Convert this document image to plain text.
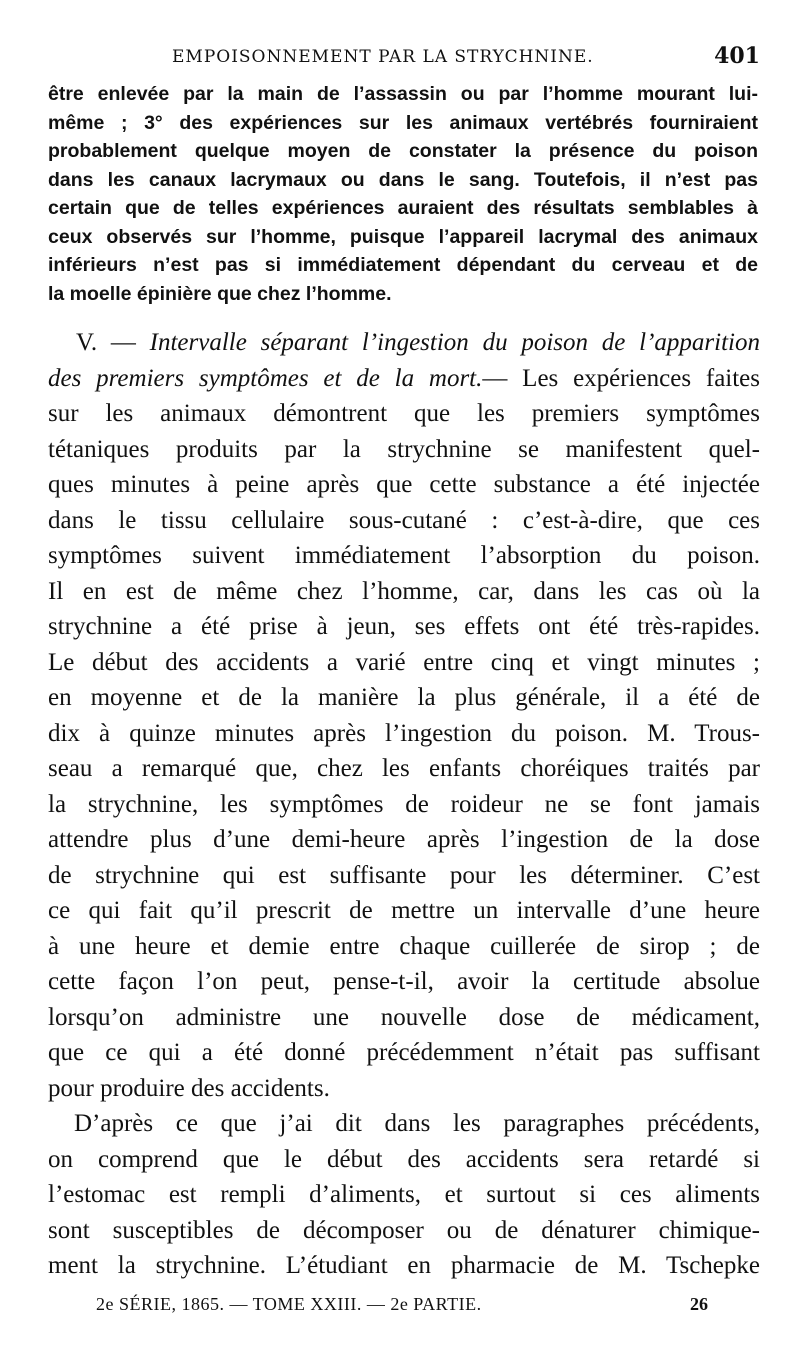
EMPOISONNEMENT PAR LA STRYCHNINE.	401
être enlevée par la main de l’assassin ou par l’homme mourant lui-
même ; 3° des expériences sur les animaux vertébrés fourniraient
probablement quelque moyen de constater la présence du poison
dans les canaux lacrymaux ou dans le sang. Toutefois, il n’est pas
certain que de telles expériences auraient des résultats semblables à
ceux observés sur l’homme, puisque l’appareil lacrymal des animaux
inférieurs n’est pas si immédiatement dépendant du cerveau et de
la moelle épinière que chez l’homme.
V. — Intervalle séparant l’ingestion du poison de l’apparition
des premiers symptômes et de la mort.— Les expériences faites
sur les animaux démontrent que les premiers symptômes
tétaniques produits par la strychnine se manifestent quel-
ques minutes à peine après que cette substance a été injectée
dans le tissu cellulaire sous-cutané : c’est-à-dire, que ces
symptômes suivent immédiatement l’absorption du poison.
Il en est de même chez l’homme, car, dans les cas où la
strychnine a été prise à jeun, ses effets ont été très-rapides.
Le début des accidents a varié entre cinq et vingt minutes ;
en moyenne et de la manière la plus générale, il a été de
dix à quinze minutes après l’ingestion du poison. M. Trous-
seau a remarqué que, chez les enfants choréiques traités par
la strychnine, les symptômes de roideur ne se font jamais
attendre plus d’une demi-heure après l’ingestion de la dose
de strychnine qui est suffisante pour les déterminer. C’est
ce qui fait qu’il prescrit de mettre un intervalle d’une heure
à une heure et demie entre chaque cuillerée de sirop ; de
cette façon l’on peut, pense-t-il, avoir la certitude absolue
lorsqu’on administre une nouvelle dose de médicament,
que ce qui a été donné précédemment n’était pas suffisant
pour produire des accidents.
D’après ce que j’ai dit dans les paragraphes précédents,
on comprend que le début des accidents sera retardé si
l’estomac est rempli d’aliments, et surtout si ces aliments
sont susceptibles de décomposer ou de dénaturer chimique-
ment la strychnine. L’étudiant en pharmacie de M. Tschepke
2e SÉRIE, 1865. — TOME XXIII. — 2e PARTIE.	26
